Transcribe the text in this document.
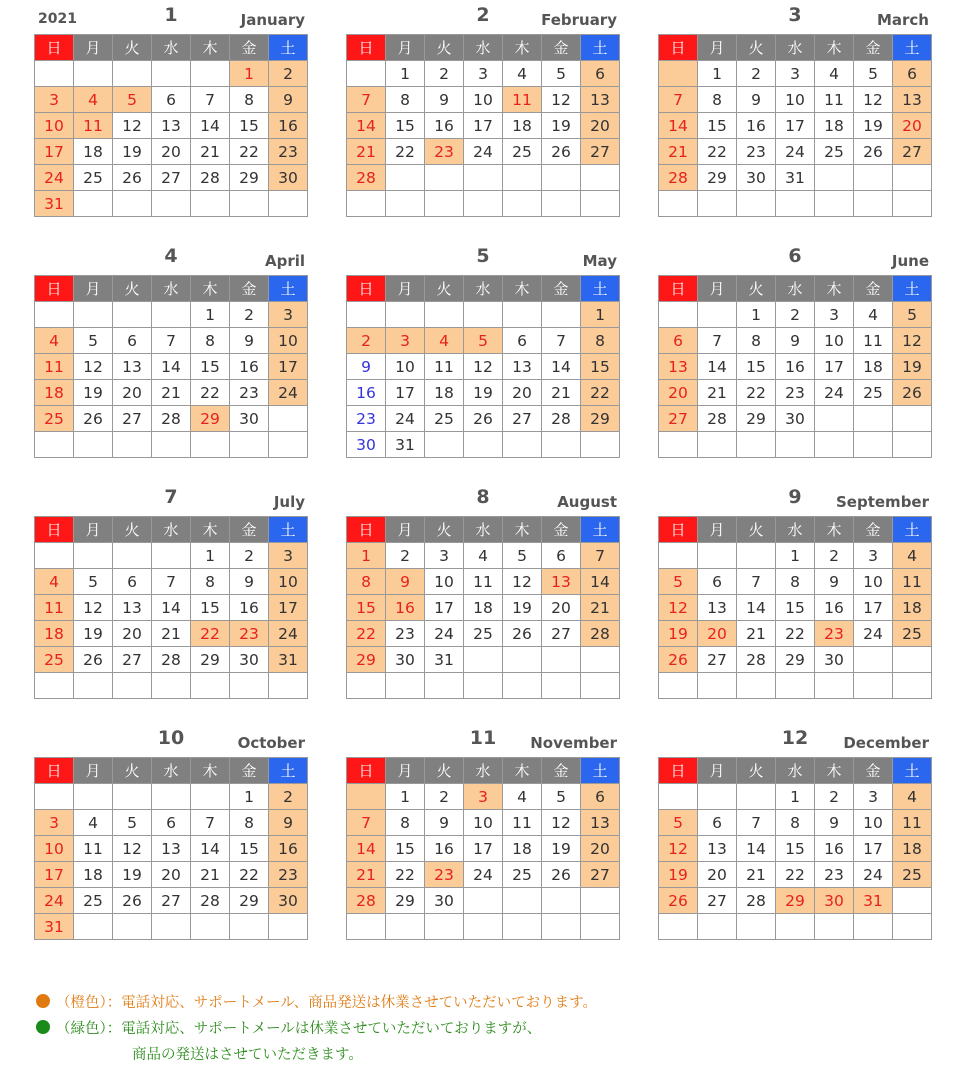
2021	1	January
日	月	火	水	木	金	土
					1	2
3	4	5	6	7	8	9
10	11	12	13	14	15	16
17	18	19	20	21	22	23
24	25	26	27	28	29	30
31						
2	February
日	月	火	水	木	金	土
	1	2	3	4	5	6
7	8	9	10	11	12	13
14	15	16	17	18	19	20
21	22	23	24	25	26	27
28						

3	March
日	月	火	水	木	金	土
	1	2	3	4	5	6
7	8	9	10	11	12	13
14	15	16	17	18	19	20
21	22	23	24	25	26	27
28	29	30	31			

4	April
日	月	火	水	木	金	土
				1	2	3
4	5	6	7	8	9	10
11	12	13	14	15	16	17
18	19	20	21	22	23	24
25	26	27	28	29	30	

5	May
日	月	火	水	木	金	土
						1
2	3	4	5	6	7	8
9	10	11	12	13	14	15
16	17	18	19	20	21	22
23	24	25	26	27	28	29
30	31					
6	June
日	月	火	水	木	金	土
		1	2	3	4	5
6	7	8	9	10	11	12
13	14	15	16	17	18	19
20	21	22	23	24	25	26
27	28	29	30			

7	July
日	月	火	水	木	金	土
				1	2	3
4	5	6	7	8	9	10
11	12	13	14	15	16	17
18	19	20	21	22	23	24
25	26	27	28	29	30	31

8	August
日	月	火	水	木	金	土
1	2	3	4	5	6	7
8	9	10	11	12	13	14
15	16	17	18	19	20	21
22	23	24	25	26	27	28
29	30	31				

9	September
日	月	火	水	木	金	土
			1	2	3	4
5	6	7	8	9	10	11
12	13	14	15	16	17	18
19	20	21	22	23	24	25
26	27	28	29	30		

10	October
日	月	火	水	木	金	土
					1	2
3	4	5	6	7	8	9
10	11	12	13	14	15	16
17	18	19	20	21	22	23
24	25	26	27	28	29	30
31						
11	November
日	月	火	水	木	金	土
	1	2	3	4	5	6
7	8	9	10	11	12	13
14	15	16	17	18	19	20
21	22	23	24	25	26	27
28	29	30				

12	December
日	月	火	水	木	金	土
			1	2	3	4
5	6	7	8	9	10	11
12	13	14	15	16	17	18
19	20	21	22	23	24	25
26	27	28	29	30	31	

（橙色）：電話対応、サポートメール、商品発送は休業させていただいております。
（緑色）：電話対応、サポートメールは休業させていただいておりますが、
商品の発送はさせていただきます。
